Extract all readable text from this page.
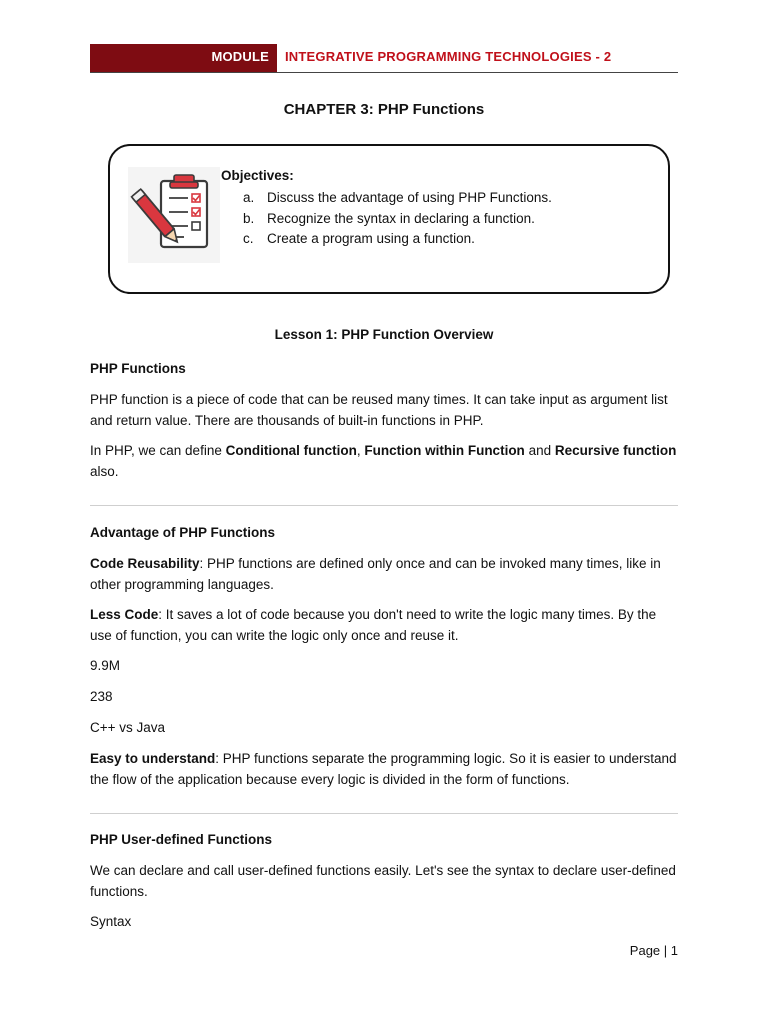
MODULE INTEGRATIVE PROGRAMMING TECHNOLOGIES - 2
CHAPTER 3: PHP Functions
Objectives:
a. Discuss the advantage of using PHP Functions.
b. Recognize the syntax in declaring a function.
c. Create a program using a function.
Lesson 1: PHP Function Overview
PHP Functions
PHP function is a piece of code that can be reused many times. It can take input as argument list and return value. There are thousands of built-in functions in PHP.
In PHP, we can define Conditional function, Function within Function and Recursive function also.
Advantage of PHP Functions
Code Reusability: PHP functions are defined only once and can be invoked many times, like in other programming languages.
Less Code: It saves a lot of code because you don't need to write the logic many times. By the use of function, you can write the logic only once and reuse it.
9.9M
238
C++ vs Java
Easy to understand: PHP functions separate the programming logic. So it is easier to understand the flow of the application because every logic is divided in the form of functions.
PHP User-defined Functions
We can declare and call user-defined functions easily. Let's see the syntax to declare user-defined functions.
Syntax
Page | 1
